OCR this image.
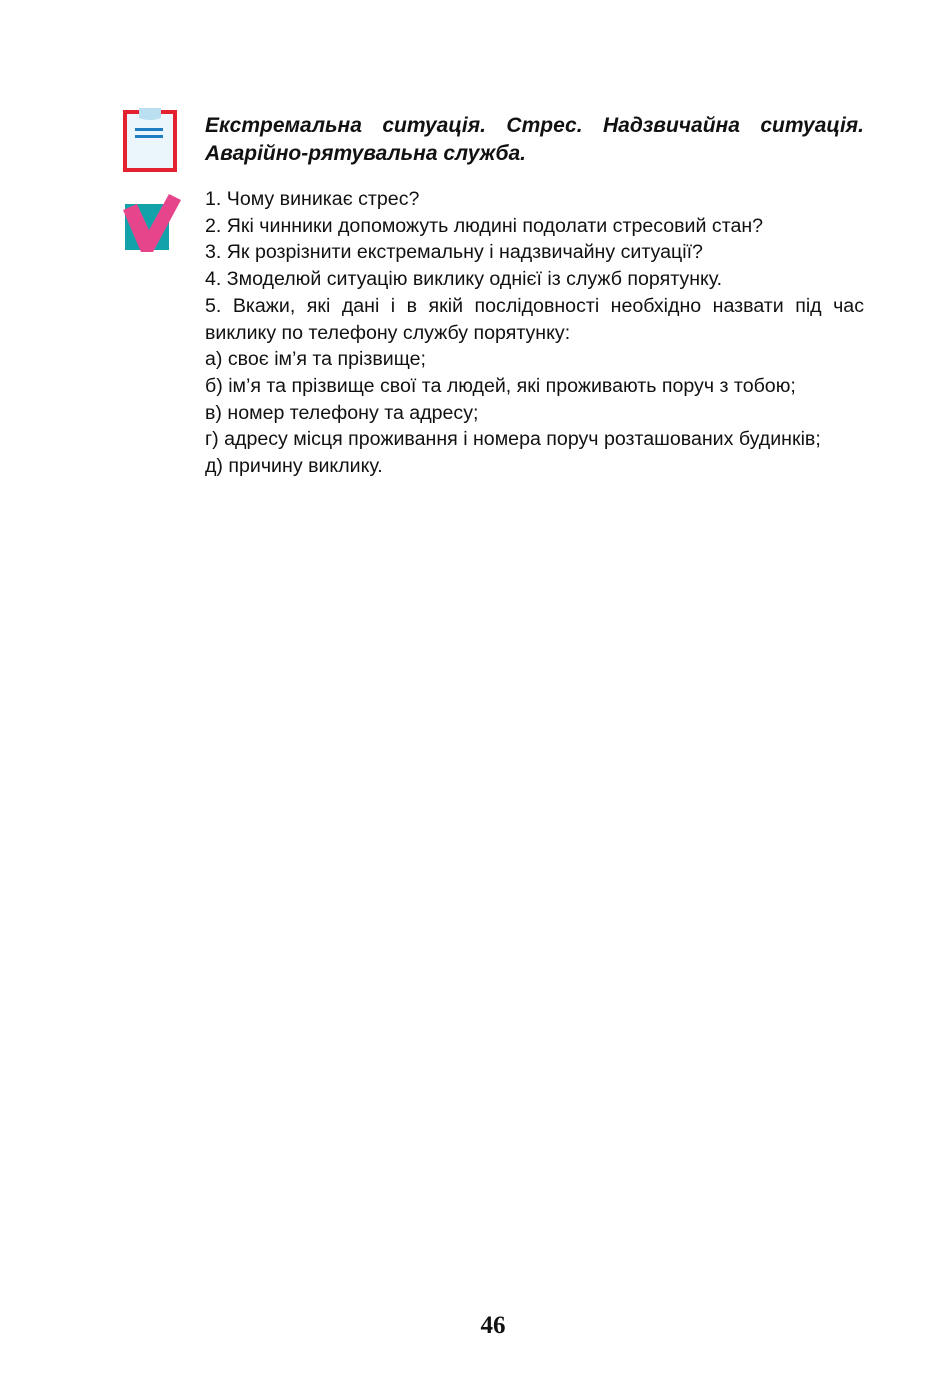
Екстремальна ситуація. Стрес. Надзвичайна ситуація. Аварійно-рятувальна служба.

1. Чому виникає стрес?
2. Які чинники допоможуть людині подолати стресовий стан?
3. Як розрізнити екстремальну і надзвичайну ситуації?
4. Змоделюй ситуацію виклику однієї із служб порятунку.
5. Вкажи, які дані і в якій послідовності необхідно назвати під час виклику по телефону службу порятунку:
а) своє ім’я та прізвище;
б) ім’я та прізвище свої та людей, які проживають поруч з тобою;
в) номер телефону та адресу;
г) адресу місця проживання і номера поруч розташованих будинків;
д) причину виклику.
46
